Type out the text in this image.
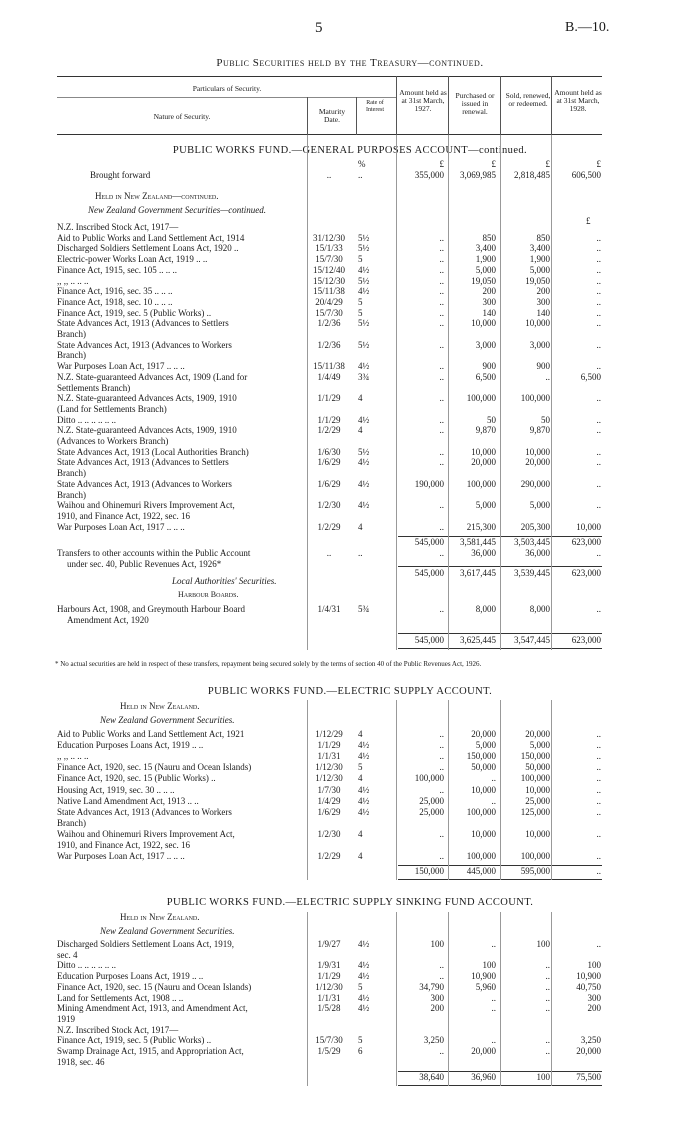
5	B.—10.
Public Securities held by the Treasury—continued.
Particulars of Security.
Nature of Security.
Maturity Date.
Rate of Interest
Amount held as at 31st March, 1927.
Purchased or issued in renewal.
Sold, renewed, or redeemed.
Amount held as at 31st March, 1928.
PUBLIC WORKS FUND.—GENERAL PURPOSES ACCOUNT—continued.
%	£	£	£	£
Brought forward	..	..	355,000	3,069,985	2,818,485	606,500
Held in New Zealand—continued.
New Zealand Government Securities—continued.
£
N.Z. Inscribed Stock Act, 1917—
Aid to Public Works and Land Settlement Act, 1914	31/12/30	5½	..	850	850	..
Discharged Soldiers Settlement Loans Act, 1920 ..	15/1/33	5½	..	3,400	3,400	..
Electric-power Works Loan Act, 1919 .. ..	15/7/30	5	..	1,900	1,900	..
Finance Act, 1915, sec. 105 .. .. ..	15/12/40	4½	..	5,000	5,000	..
,, ,, .. .. ..	15/12/30	5½	..	19,050	19,050	..
Finance Act, 1916, sec. 35 .. .. ..	15/11/38	4½	..	200	200	..
Finance Act, 1918, sec. 10 .. .. ..	20/4/29	5	..	300	300	..
Finance Act, 1919, sec. 5 (Public Works) ..	15/7/30	5	..	140	140	..
State Advances Act, 1913 (Advances to Settlers	1/2/36	5½	..	10,000	10,000	..
Branch)
State Advances Act, 1913 (Advances to Workers	1/2/36	5½	..	3,000	3,000	..
Branch)
War Purposes Loan Act, 1917 .. .. ..	15/11/38	4½	..	900	900	..
N.Z. State-guaranteed Advances Act, 1909 (Land for	1/4/49	3¾	..	6,500	..	6,500
Settlements Branch)
N.Z. State-guaranteed Advances Acts, 1909, 1910	1/1/29	4	..	100,000	100,000	..
(Land for Settlements Branch)
Ditto .. .. .. .. .. ..	1/1/29	4½	..	50	50	..
N.Z. State-guaranteed Advances Acts, 1909, 1910	1/2/29	4	..	9,870	9,870	..
(Advances to Workers Branch)
State Advances Act, 1913 (Local Authorities Branch)	1/6/30	5½	..	10,000	10,000	..
State Advances Act, 1913 (Advances to Settlers	1/6/29	4½	..	20,000	20,000	..
Branch)
State Advances Act, 1913 (Advances to Workers	1/6/29	4½	190,000	100,000	290,000	..
Branch)
Waihou and Ohinemuri Rivers Improvement Act,	1/2/30	4½	..	5,000	5,000	..
1910, and Finance Act, 1922, sec. 16
War Purposes Loan Act, 1917 .. .. ..	1/2/29	4	..	215,300	205,300	10,000
545,000	3,581,445	3,503,445	623,000
Transfers to other accounts within the Public Account	..	..	..	36,000	36,000	..
under sec. 40, Public Revenues Act, 1926*
545,000	3,617,445	3,539,445	623,000
Local Authorities' Securities.
Harbour Boards.
Harbours Act, 1908, and Greymouth Harbour Board	1/4/31	5¾	..	8,000	8,000	..
Amendment Act, 1920
545,000	3,625,445	3,547,445	623,000
* No actual securities are held in respect of these transfers, repayment being secured solely by the terms of section 40 of the Public Revenues Act, 1926.
PUBLIC WORKS FUND.—ELECTRIC SUPPLY ACCOUNT.
Held in New Zealand.
New Zealand Government Securities.
Aid to Public Works and Land Settlement Act, 1921	1/12/29	4	..	20,000	20,000	..
Education Purposes Loans Act, 1919 .. ..	1/1/29	4½	..	5,000	5,000	..
,, ,, .. .. ..	1/1/31	4½	..	150,000	150,000	..
Finance Act, 1920, sec. 15 (Nauru and Ocean Islands)	1/12/30	5	..	50,000	50,000	..
Finance Act, 1920, sec. 15 (Public Works) ..	1/12/30	4	100,000	..	100,000	..
Housing Act, 1919, sec. 30 .. .. ..	1/7/30	4½	..	10,000	10,000	..
Native Land Amendment Act, 1913 .. ..	1/4/29	4½	25,000	..	25,000	..
State Advances Act, 1913 (Advances to Workers	1/6/29	4½	25,000	100,000	125,000	..
Branch)
Waihou and Ohinemuri Rivers Improvement Act,	1/2/30	4	..	10,000	10,000	..
1910, and Finance Act, 1922, sec. 16
War Purposes Loan Act, 1917 .. .. ..	1/2/29	4	..	100,000	100,000	..
150,000	445,000	595,000	..
PUBLIC WORKS FUND.—ELECTRIC SUPPLY SINKING FUND ACCOUNT.
Held in New Zealand.
New Zealand Government Securities.
Discharged Soldiers Settlement Loans Act, 1919,	1/9/27	4½	100	..	100	..
sec. 4
Ditto .. .. .. .. .. ..	1/9/31	4½	..	100	..	100
Education Purposes Loans Act, 1919 .. ..	1/1/29	4½	..	10,900	..	10,900
Finance Act, 1920, sec. 15 (Nauru and Ocean Islands)	1/12/30	5	34,790	5,960	..	40,750
Land for Settlements Act, 1908 .. ..	1/1/31	4½	300	..	..	300
Mining Amendment Act, 1913, and Amendment Act,	1/5/28	4½	200	..	..	200
1919
N.Z. Inscribed Stock Act, 1917—
Finance Act, 1919, sec. 5 (Public Works) ..	15/7/30	5	3,250	..	..	3,250
Swamp Drainage Act, 1915, and Appropriation Act,	1/5/29	6	..	20,000	..	20,000
1918, sec. 46
38,640	36,960	100	75,500
